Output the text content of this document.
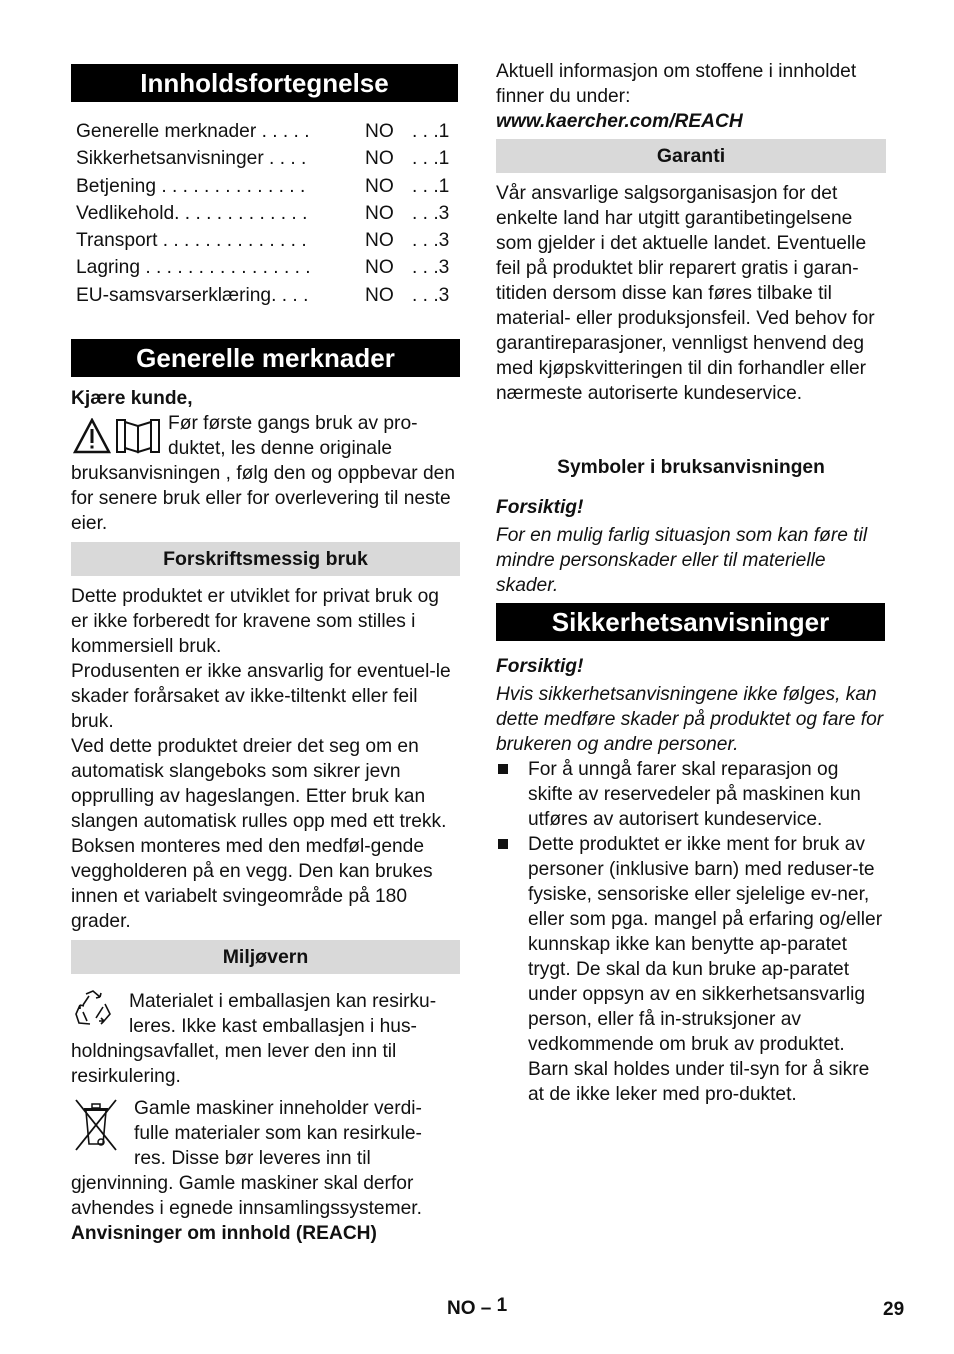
Innholdsfortegnelse
Generelle merknader . . . . .	NO . . .1
Sikkerhetsanvisninger . . . .	NO . . .1
Betjening . . . . . . . . . . . . . .	NO . . .1
Vedlikehold. . . . . . . . . . . . .	NO . . .3
Transport . . . . . . . . . . . . . .	NO . . .3
Lagring . . . . . . . . . . . . . . . .	NO . . .3
EU-samsvarserklæring. . . .	NO . . .3
Generelle merknader

Kjære kunde,

Før første gangs bruk av pro-

duktet, les denne originale

bruksanvisningen , følg den og oppbevar den for senere bruk eller for overlevering til neste eier.

Forskriftsmessig bruk

Dette produktet er utviklet for privat bruk og er ikke forberedt for kravene som stilles i kommersiell bruk.

Produsenten er ikke ansvarlig for eventuel-le skader forårsaket av ikke-tiltenkt eller feil bruk.

Ved dette produktet dreier det seg om en automatisk slangeboks som sikrer jevn opprulling av hageslangen. Etter bruk kan slangen automatisk rulles opp med ett trekk. Boksen monteres med den medføl-gende veggholderen på en vegg. Den kan brukes innen et variabelt svingeområde på 180 grader.

Miljøvern

Materialet i emballasjen kan resirku-

leres. Ikke kast emballasjen i hus-

holdningsavfallet, men lever den inn til resirkulering.

Gamle maskiner inneholder verdi-

fulle materialer som kan resirkule-

res. Disse bør leveres inn til

gjenvinning. Gamle maskiner skal derfor avhendes i egnede innsamlingssystemer.

Anvisninger om innhold (REACH)

Aktuell informasjon om stoffene i innholdet finner du under:

www.kaercher.com/REACH

Garanti

Vår ansvarlige salgsorganisasjon for det enkelte land har utgitt garantibetingelsene som gjelder i det aktuelle landet. Eventuelle feil på produktet blir reparert gratis i garan-titiden dersom disse kan føres tilbake til material- eller produksjonsfeil. Ved behov for garantireparasjoner, vennligst henvend deg med kjøpskvitteringen til din forhandler eller nærmeste autoriserte kundeservice.

Symboler i bruksanvisningen

Forsiktig!

For en mulig farlig situasjon som kan føre til mindre personskader eller til materielle skader.

Sikkerhetsanvisninger

Forsiktig!

Hvis sikkerhetsanvisningene ikke følges, kan dette medføre skader på produktet og fare for brukeren og andre personer.

For å unngå farer skal reparasjon og skifte av reservedeler på maskinen kun utføres av autorisert kundeservice.
Dette produktet er ikke ment for bruk av personer (inklusive barn) med reduser-te fysiske, sensoriske eller sjelelige ev-ner, eller som pga. mangel på erfaring og/eller kunnskap ikke kan benytte ap-paratet trygt. De skal da kun bruke ap-paratet under oppsyn av en sikkerhetsansvarlig person, eller få in-struksjoner av vedkommende om bruk av produktet. Barn skal holdes under til-syn for å sikre at de ikke leker med pro-duktet.
NO – 1	29
